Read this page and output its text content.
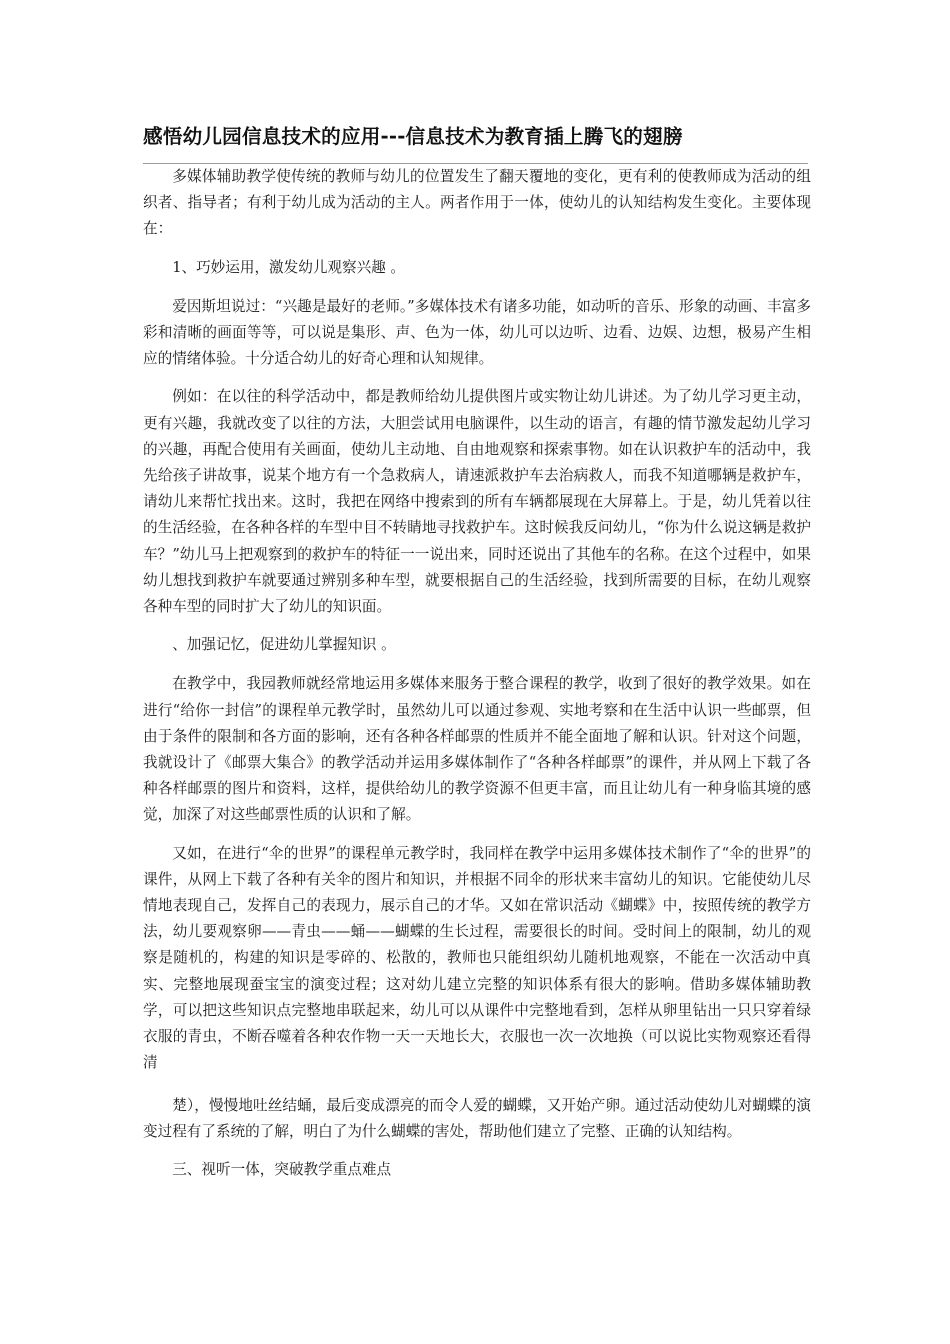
感悟幼儿园信息技术的应用---信息技术为教育插上腾飞的翅膀

多媒体辅助教学使传统的教师与幼儿的位置发生了翻天覆地的变化，更有利的使教师成为活动的组织者、指导者；有利于幼儿成为活动的主人。两者作用于一体，使幼儿的认知结构发生变化。主要体现在：

1、巧妙运用，激发幼儿观察兴趣 。

爱因斯坦说过：“兴趣是最好的老师。”多媒体技术有诸多功能，如动听的音乐、形象的动画、丰富多彩和清晰的画面等等，可以说是集形、声、色为一体，幼儿可以边听、边看、边娱、边想，极易产生相应的情绪体验。十分适合幼儿的好奇心理和认知规律。

例如：在以往的科学活动中，都是教师给幼儿提供图片或实物让幼儿讲述。为了幼儿学习更主动，更有兴趣，我就改变了以往的方法，大胆尝试用电脑课件，以生动的语言，有趣的情节激发起幼儿学习的兴趣，再配合使用有关画面，使幼儿主动地、自由地观察和探索事物。如在认识救护车的活动中，我先给孩子讲故事，说某个地方有一个急救病人，请速派救护车去治病救人，而我不知道哪辆是救护车，请幼儿来帮忙找出来。这时，我把在网络中搜索到的所有车辆都展现在大屏幕上。于是，幼儿凭着以往的生活经验，在各种各样的车型中目不转睛地寻找救护车。这时候我反问幼儿，“你为什么说这辆是救护车？”幼儿马上把观察到的救护车的特征一一说出来，同时还说出了其他车的名称。在这个过程中，如果幼儿想找到救护车就要通过辨别多种车型，就要根据自己的生活经验，找到所需要的目标，在幼儿观察各种车型的同时扩大了幼儿的知识面。

、加强记忆，促进幼儿掌握知识 。

在教学中，我园教师就经常地运用多媒体来服务于整合课程的教学，收到了很好的教学效果。如在进行“给你一封信”的课程单元教学时，虽然幼儿可以通过参观、实地考察和在生活中认识一些邮票，但由于条件的限制和各方面的影响，还有各种各样邮票的性质并不能全面地了解和认识。针对这个问题，我就设计了《邮票大集合》的教学活动并运用多媒体制作了“各种各样邮票”的课件，并从网上下载了各种各样邮票的图片和资料，这样，提供给幼儿的教学资源不但更丰富，而且让幼儿有一种身临其境的感觉，加深了对这些邮票性质的认识和了解。

又如，在进行“伞的世界”的课程单元教学时，我同样在教学中运用多媒体技术制作了“伞的世界”的课件，从网上下载了各种有关伞的图片和知识，并根据不同伞的形状来丰富幼儿的知识。它能使幼儿尽情地表现自己，发挥自己的表现力，展示自己的才华。又如在常识活动《蝴蝶》中，按照传统的教学方法，幼儿要观察卵——青虫——蛹——蝴蝶的生长过程，需要很长的时间。受时间上的限制，幼儿的观察是随机的，构建的知识是零碎的、松散的，教师也只能组织幼儿随机地观察，不能在一次活动中真实、完整地展现蚕宝宝的演变过程；这对幼儿建立完整的知识体系有很大的影响。借助多媒体辅助教学，可以把这些知识点完整地串联起来，幼儿可以从课件中完整地看到，怎样从卵里钻出一只只穿着绿衣服的青虫，不断吞噬着各种农作物一天一天地长大，衣服也一次一次地换（可以说比实物观察还看得清

楚），慢慢地吐丝结蛹，最后变成漂亮的而令人爱的蝴蝶，又开始产卵。通过活动使幼儿对蝴蝶的演变过程有了系统的了解，明白了为什么蝴蝶的害处，帮助他们建立了完整、正确的认知结构。

三、视听一体，突破教学重点难点
